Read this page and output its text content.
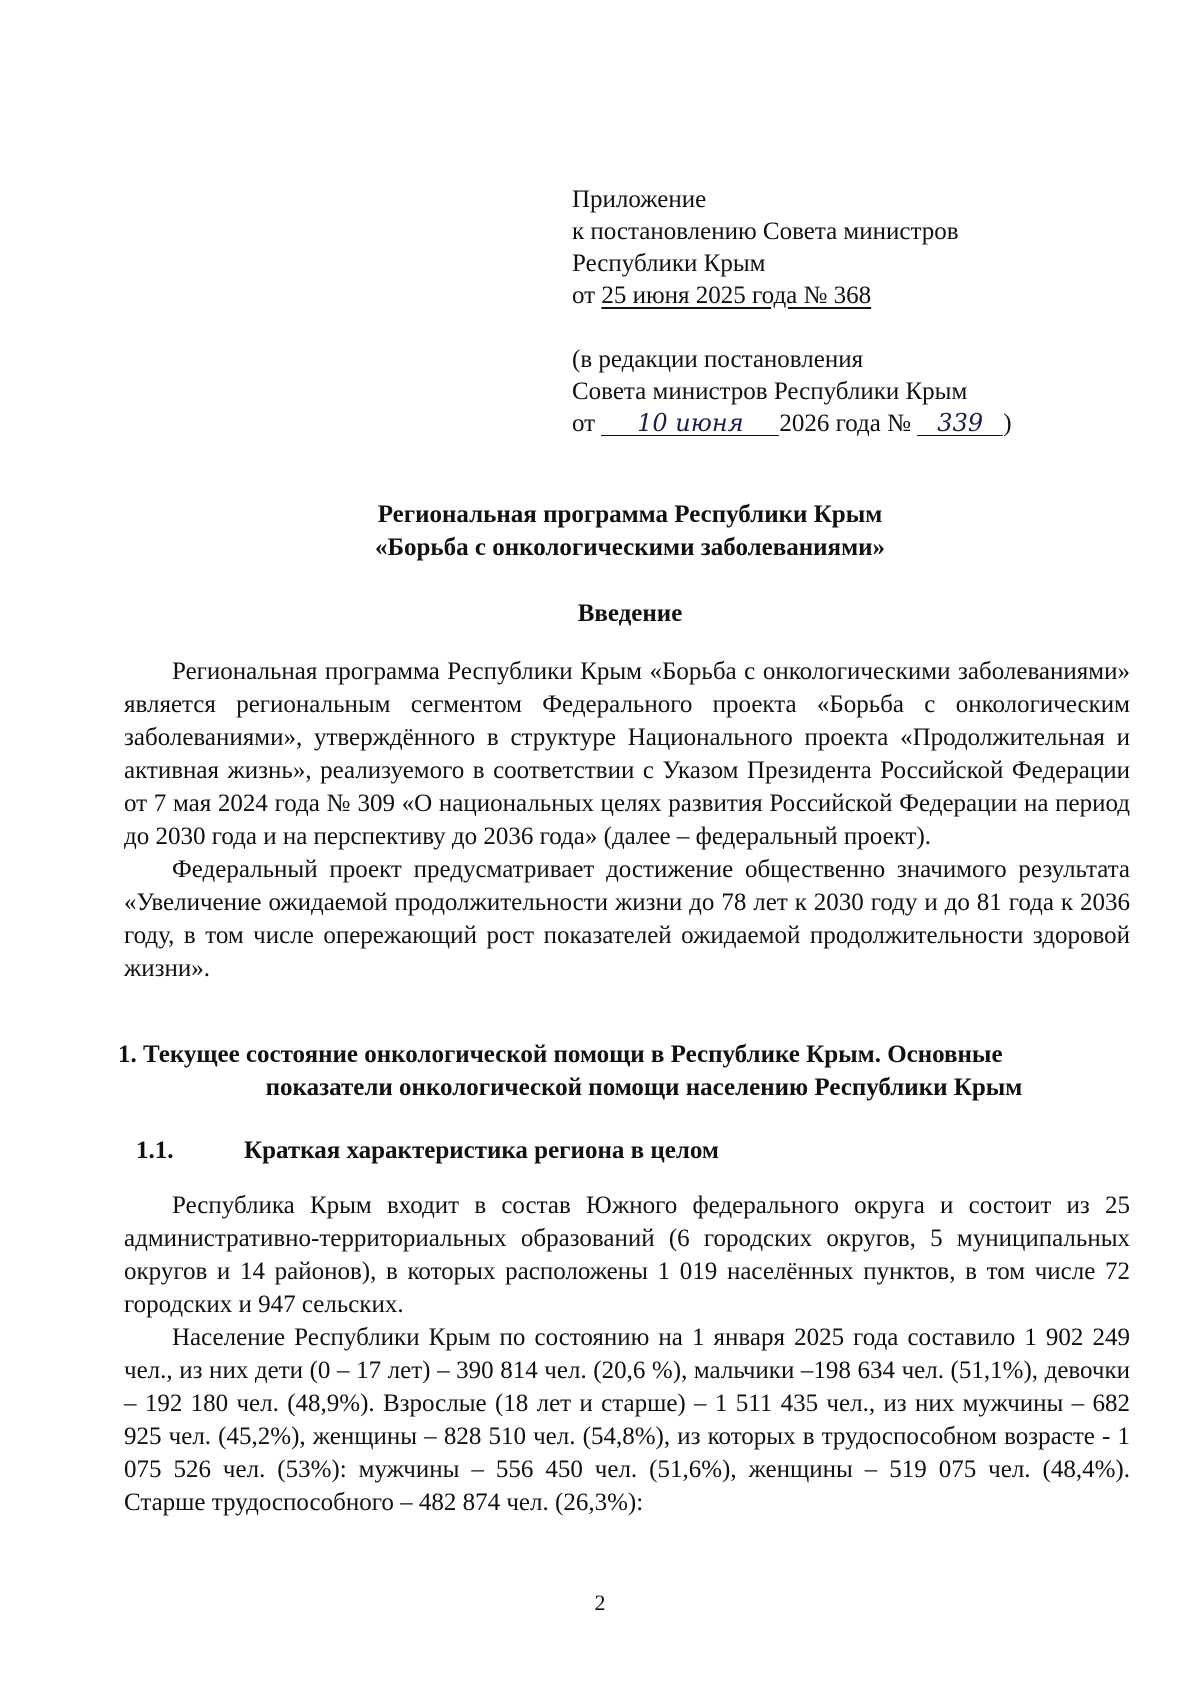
Приложение
к постановлению Совета министров
Республики Крым
от 25 июня 2025 года № 368
(в редакции постановления
Совета министров Республики Крым
от 10 июня 2026 года № 339 )
Региональная программа Республики Крым
«Борьба с онкологическими заболеваниями»
Введение

Региональная программа Республики Крым «Борьба с онкологическими заболеваниями» является региональным сегментом Федерального проекта «Борьба с онкологическим заболеваниями», утверждённого в структуре Национального проекта «Продолжительная и активная жизнь», реализуемого в соответствии с Указом Президента Российской Федерации от 7 мая 2024 года № 309 «О национальных целях развития Российской Федерации на период до 2030 года и на перспективу до 2036 года» (далее – федеральный проект).

Федеральный проект предусматривает достижение общественно значимого результата «Увеличение ожидаемой продолжительности жизни до 78 лет к 2030 году и до 81 года к 2036 году, в том числе опережающий рост показателей ожидаемой продолжительности здоровой жизни».

1. Текущее состояние онкологической помощи в Республике Крым. Основные
показатели онкологической помощи населению Республики Крым
1.1.	Краткая характеристика региона в целом

Республика Крым входит в состав Южного федерального округа и состоит из 25 административно-территориальных образований (6 городских округов, 5 муниципальных округов и 14 районов), в которых расположены 1 019 населённых пунктов, в том числе 72 городских и 947 сельских.

Население Республики Крым по состоянию на 1 января 2025 года составило 1 902 249 чел., из них дети (0 – 17 лет) – 390 814 чел. (20,6 %), мальчики –198 634 чел. (51,1%), девочки – 192 180 чел. (48,9%). Взрослые (18 лет и старше) – 1 511 435 чел., из них мужчины – 682 925 чел. (45,2%), женщины – 828 510 чел. (54,8%), из которых в трудоспособном возрасте - 1 075 526 чел. (53%): мужчины – 556 450 чел. (51,6%), женщины – 519 075 чел. (48,4%). Старше трудоспособного – 482 874 чел. (26,3%):

2
